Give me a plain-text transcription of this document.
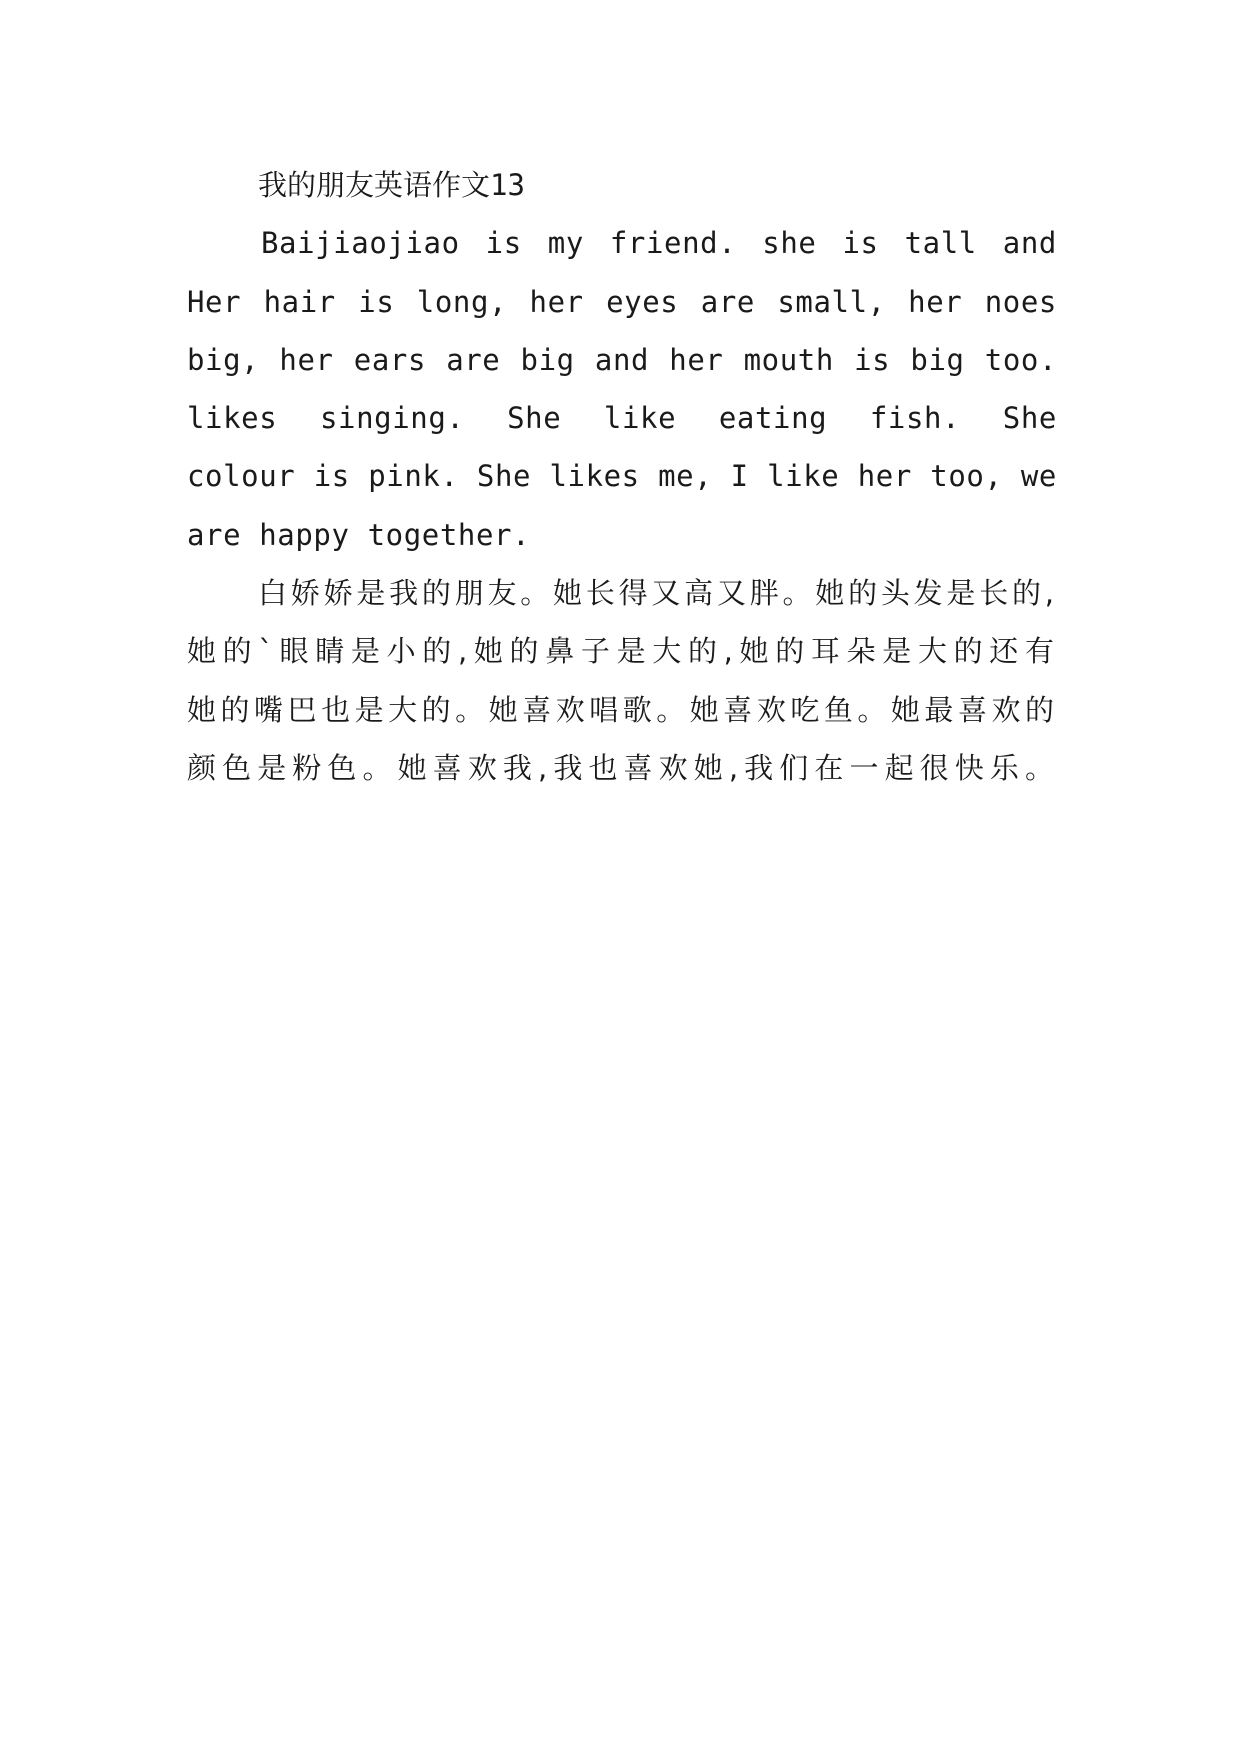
我的朋友英语作文13
Baijiaojiao is my friend. she is tall and
Her hair is long, her eyes are small, her noes
big, her ears are big and her mouth is big too.
likes singing. She like eating fish. She
colour is pink. She likes me, I like her too, we
are happy together.
白娇娇是我的朋友。她长得又高又胖。她的头发是长的,
她的`眼睛是小的,她的鼻子是大的,她的耳朵是大的还有
她的嘴巴也是大的。她喜欢唱歌。她喜欢吃鱼。她最喜欢的
颜色是粉色。她喜欢我,我也喜欢她,我们在一起很快乐。
